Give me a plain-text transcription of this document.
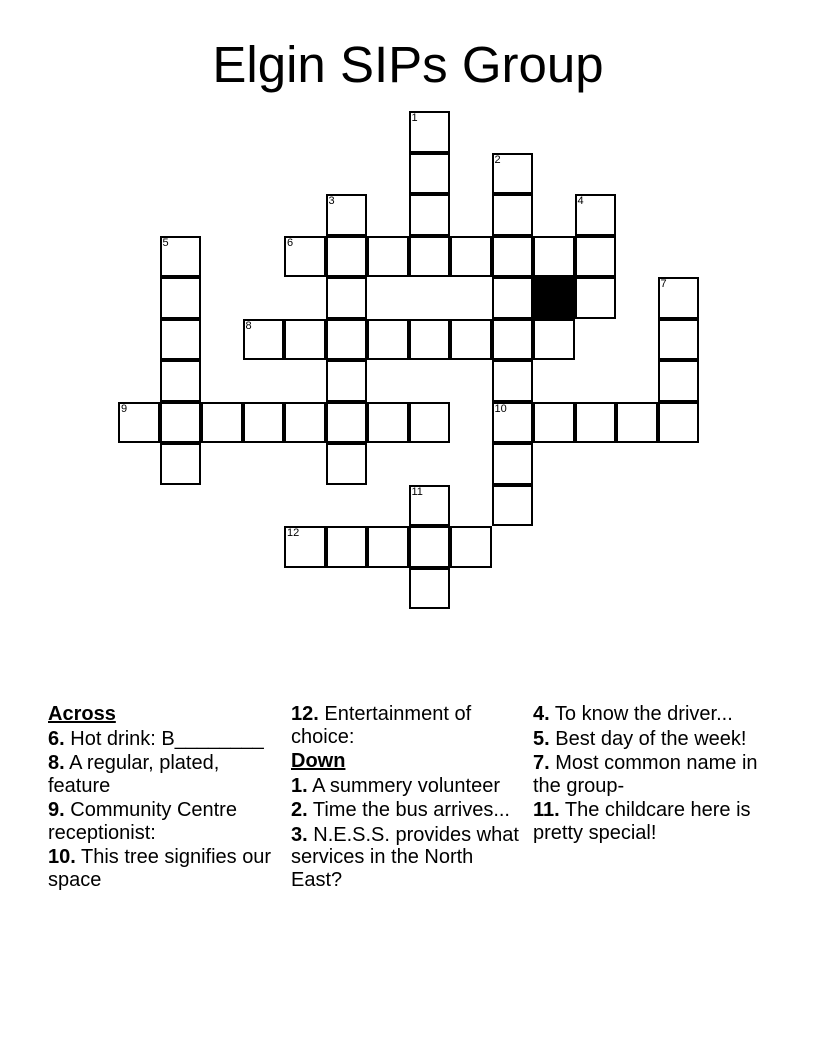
Elgin SIPs Group
1
2
3	4
5	6
7
8
9	10
11
12

Across

6. Hot drink: B________

8. A regular, plated, feature

9. Community Centre receptionist:

10. This tree signifies our space

12. Entertainment of choice:

Down

1. A summery volunteer

2. Time the bus arrives...

3. N.E.S.S. provides what services in the North East?

4. To know the driver...

5. Best day of the week!

7. Most common name in the group-

11. The childcare here is pretty special!
